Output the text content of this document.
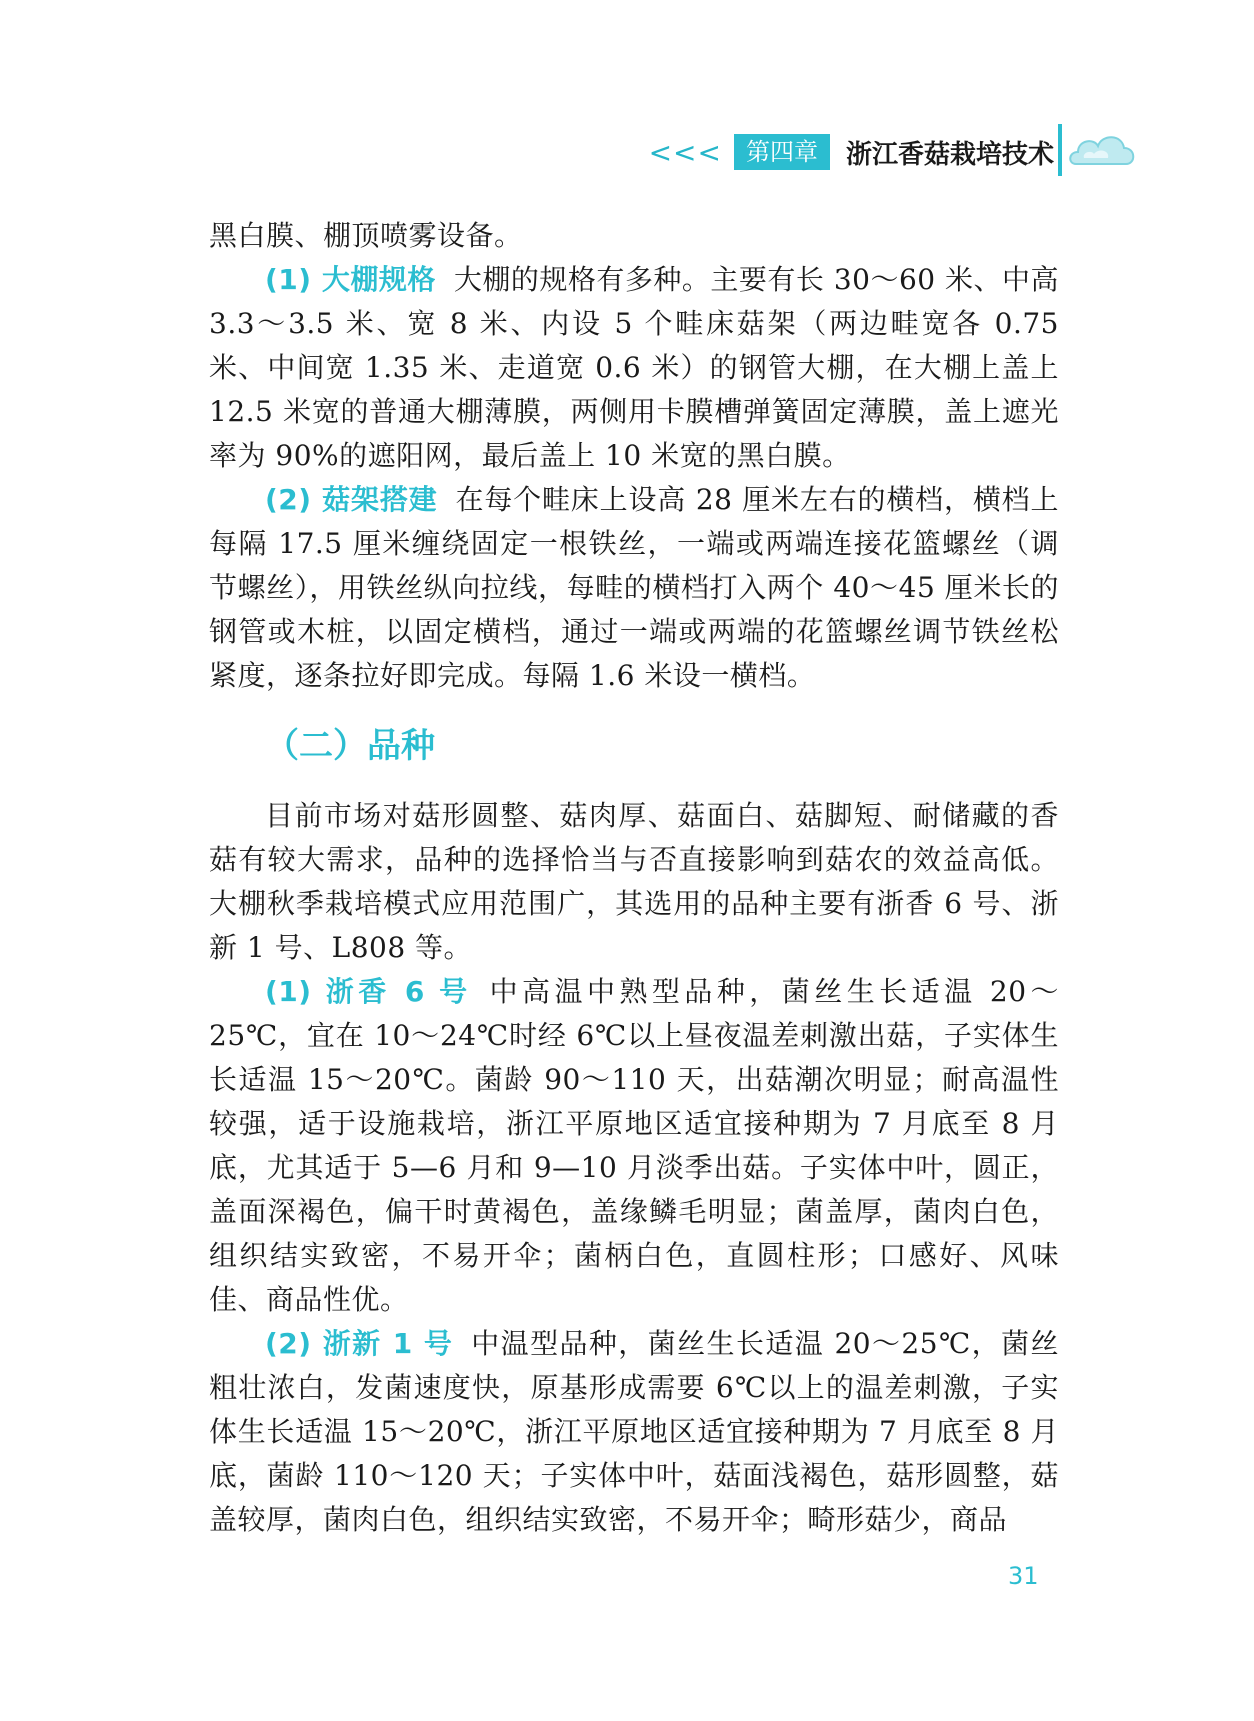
<<<	第四章	浙江香菇栽培技术

黑白膜、棚顶喷雾设备。

(1) 大棚规格 大棚的规格有多种。主要有长 30～60 米、中高 3.3～3.5 米、宽 8 米、内设 5 个畦床菇架（两边畦宽各 0.75 米、中间宽 1.35 米、走道宽 0.6 米）的钢管大棚，在大棚上盖上 12.5 米宽的普通大棚薄膜，两侧用卡膜槽弹簧固定薄膜，盖上遮光率为 90%的遮阳网，最后盖上 10 米宽的黑白膜。

(2) 菇架搭建 在每个畦床上设高 28 厘米左右的横档，横档上每隔 17.5 厘米缠绕固定一根铁丝，一端或两端连接花篮螺丝（调节螺丝），用铁丝纵向拉线，每畦的横档打入两个 40～45 厘米长的钢管或木桩，以固定横档，通过一端或两端的花篮螺丝调节铁丝松紧度，逐条拉好即完成。每隔 1.6 米设一横档。

（二）品种

目前市场对菇形圆整、菇肉厚、菇面白、菇脚短、耐储藏的香菇有较大需求，品种的选择恰当与否直接影响到菇农的效益高低。大棚秋季栽培模式应用范围广，其选用的品种主要有浙香 6 号、浙新 1 号、L808 等。

(1) 浙香 6 号 中高温中熟型品种，菌丝生长适温 20～25℃，宜在 10～24℃时经 6℃以上昼夜温差刺激出菇，子实体生长适温 15～20℃。菌龄 90～110 天，出菇潮次明显；耐高温性较强，适于设施栽培，浙江平原地区适宜接种期为 7 月底至 8 月底，尤其适于 5—6 月和 9—10 月淡季出菇。子实体中叶，圆正，盖面深褐色，偏干时黄褐色，盖缘鳞毛明显；菌盖厚，菌肉白色，组织结实致密，不易开伞；菌柄白色，直圆柱形；口感好、风味佳、商品性优。

(2) 浙新 1 号 中温型品种，菌丝生长适温 20～25℃，菌丝粗壮浓白，发菌速度快，原基形成需要 6℃以上的温差刺激，子实体生长适温 15～20℃，浙江平原地区适宜接种期为 7 月底至 8 月底，菌龄 110～120 天；子实体中叶，菇面浅褐色，菇形圆整，菇盖较厚，菌肉白色，组织结实致密，不易开伞；畸形菇少，商品

31
